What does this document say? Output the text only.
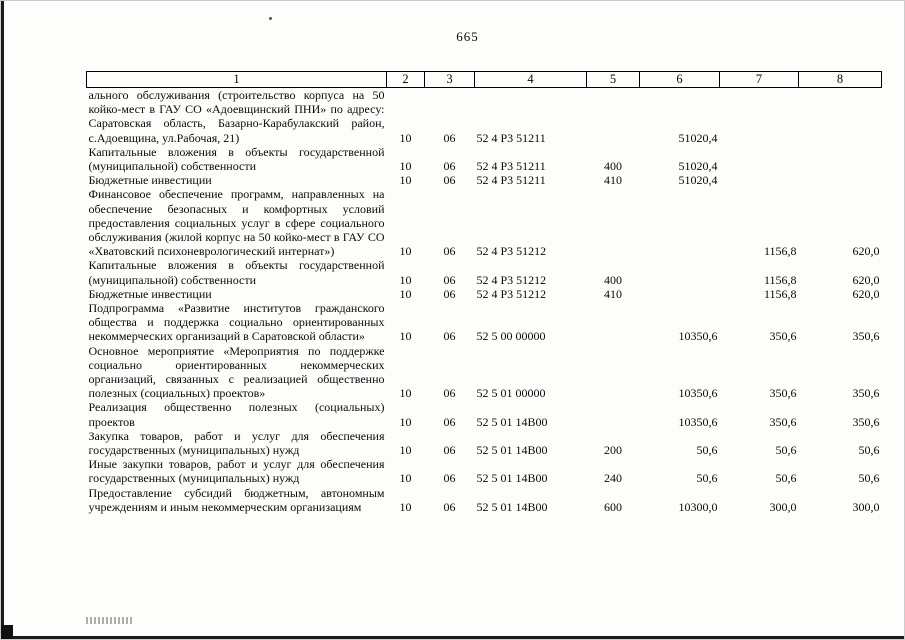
665
1	2	3	4	5	6	7	8
ального обслуживания (строительство корпуса на 50 койко-мест в ГАУ СО «Адоевщинский ПНИ» по адресу: Саратовская область, Базарно-Карабулакский район, с.Адоевщина, ул.Рабочая, 21)	10	06	52 4 Р3 51211		51020,4		
Капитальные вложения в объекты государственной (муниципальной) собственности	10	06	52 4 Р3 51211	400	51020,4		
Бюджетные инвестиции	10	06	52 4 Р3 51211	410	51020,4		
Финансовое обеспечение программ, направленных на обеспечение безопасных и комфортных условий предоставления социальных услуг в сфере социального обслуживания (жилой корпус на 50 койко-мест в ГАУ СО «Хватовский психоневрологический интернат»)	10	06	52 4 Р3 51212			1156,8	620,0
Капитальные вложения в объекты государственной (муниципальной) собственности	10	06	52 4 Р3 51212	400		1156,8	620,0
Бюджетные инвестиции	10	06	52 4 Р3 51212	410		1156,8	620,0
Подпрограмма «Развитие институтов гражданского общества и поддержка социально ориентированных некоммерческих организаций в Саратовской области»	10	06	52 5 00 00000		10350,6	350,6	350,6
Основное мероприятие «Мероприятия по поддержке социально ориентированных некоммерческих организаций, связанных с реализацией общественно полезных (социальных) проектов»	10	06	52 5 01 00000		10350,6	350,6	350,6
Реализация общественно полезных (социальных) проектов	10	06	52 5 01 14В00		10350,6	350,6	350,6
Закупка товаров, работ и услуг для обеспечения государственных (муниципальных) нужд	10	06	52 5 01 14В00	200	50,6	50,6	50,6
Иные закупки товаров, работ и услуг для обеспечения государственных (муниципальных) нужд	10	06	52 5 01 14В00	240	50,6	50,6	50,6
Предоставление субсидий бюджетным, автономным учреждениям и иным некоммерческим организациям	10	06	52 5 01 14В00	600	10300,0	300,0	300,0
